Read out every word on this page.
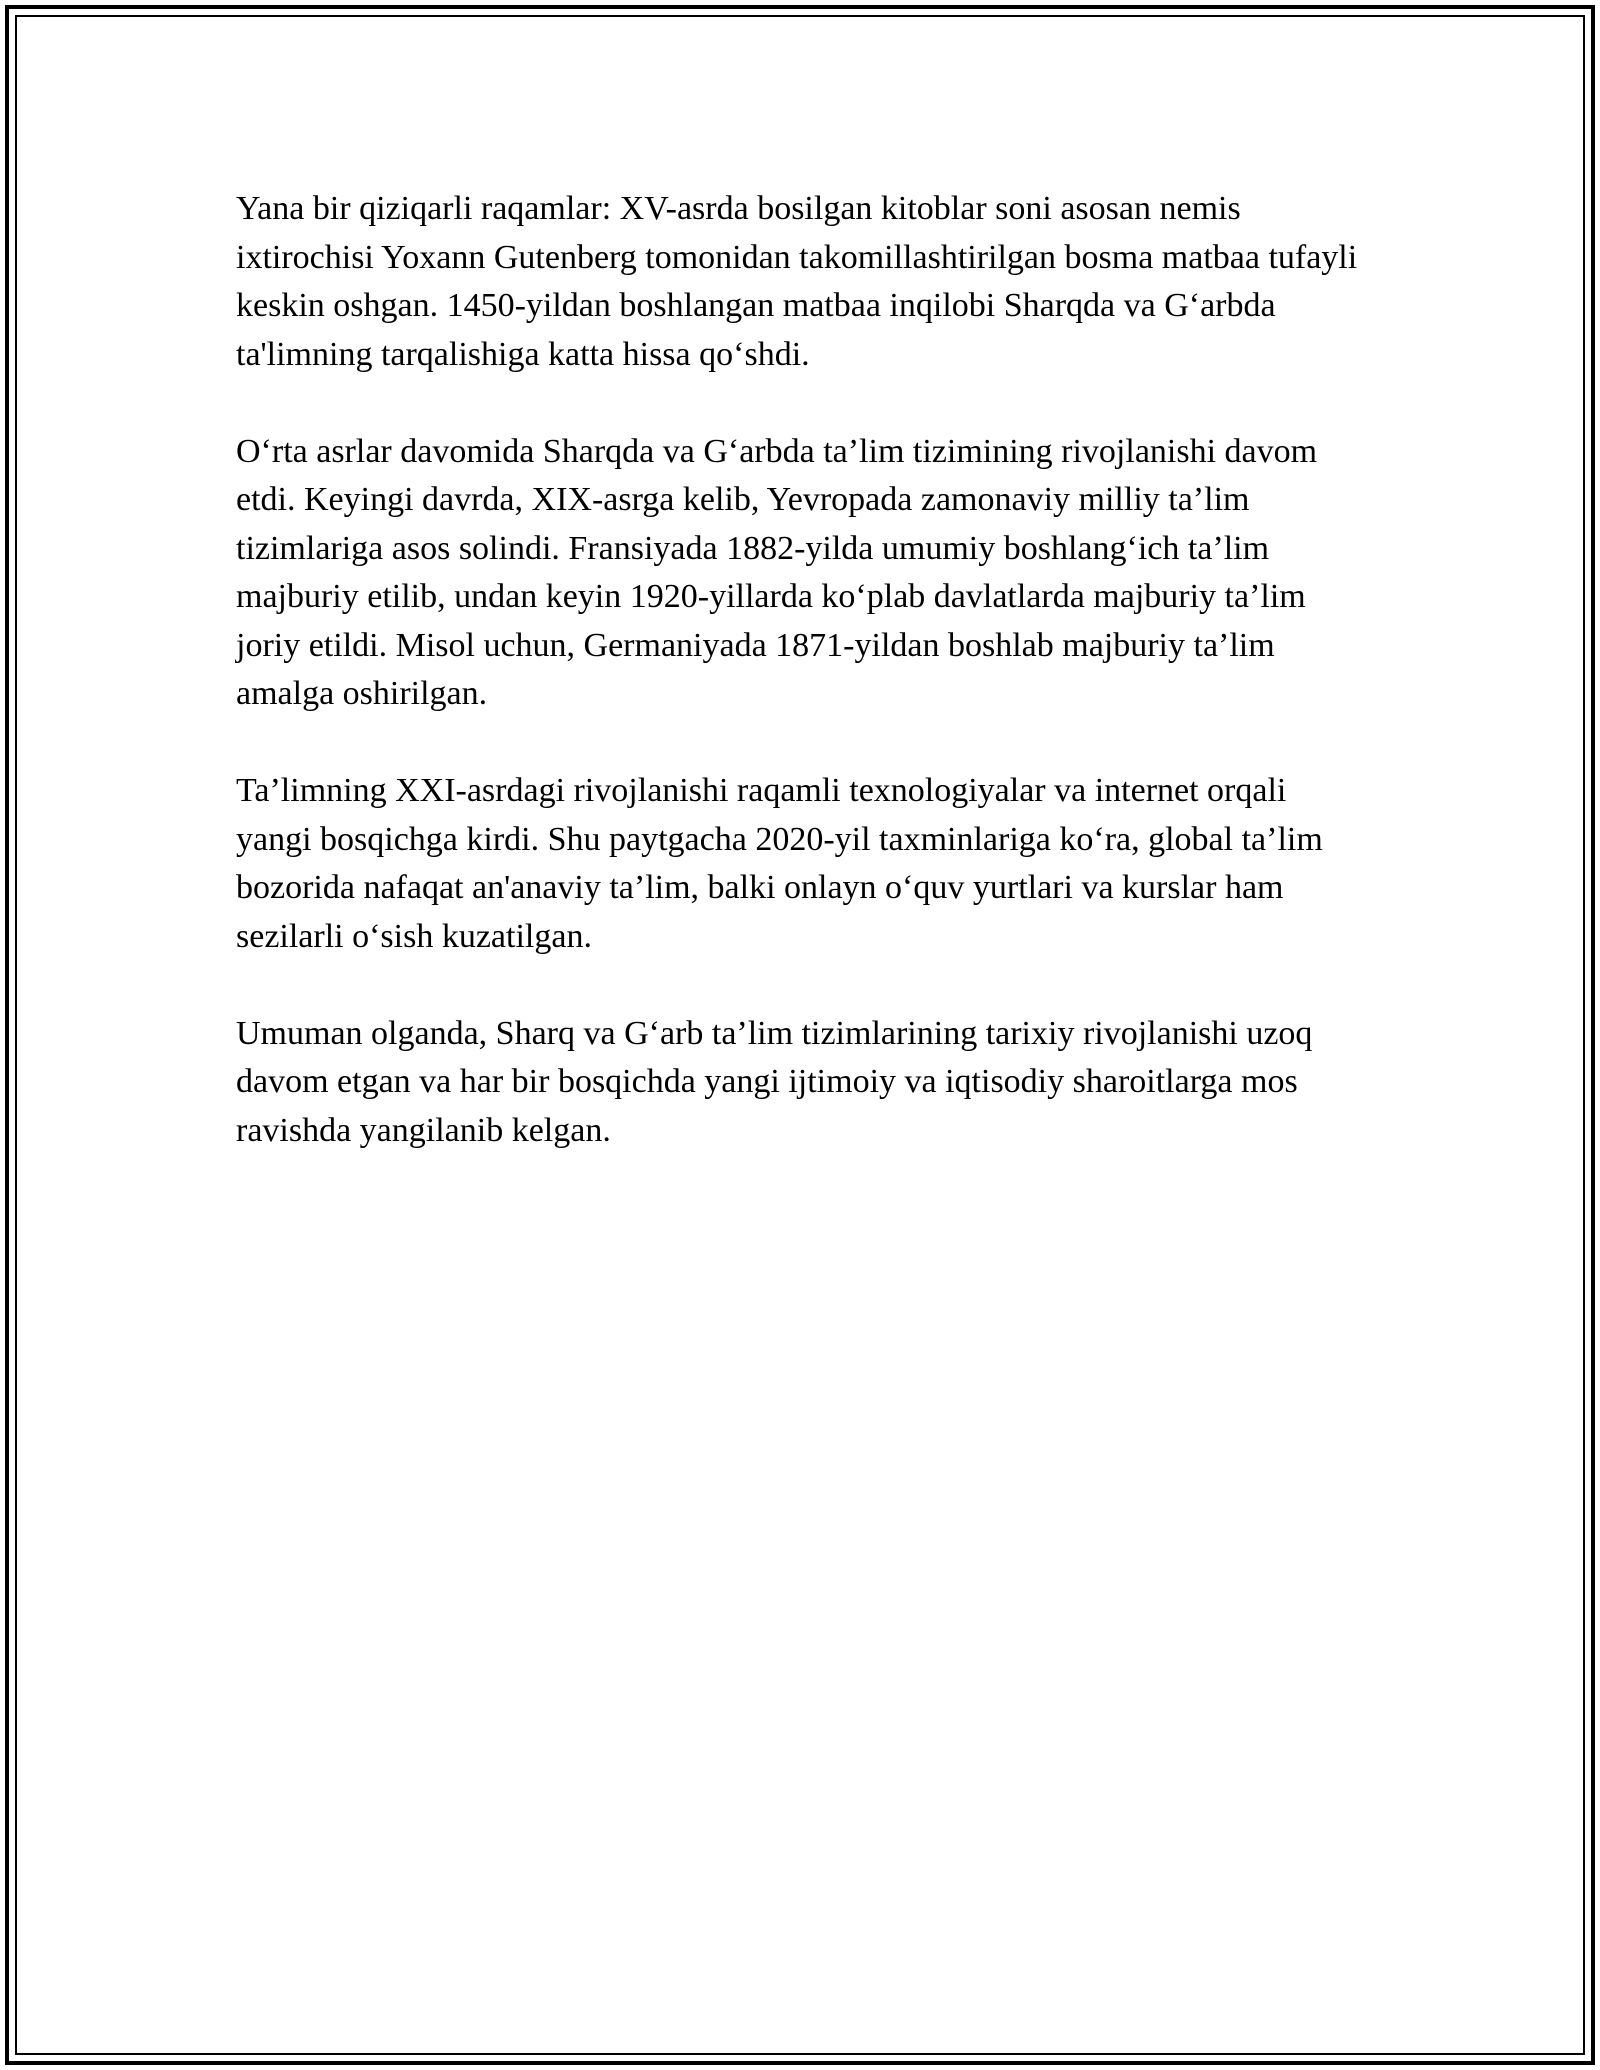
Yana bir qiziqarli raqamlar: XV-asrda bosilgan kitoblar soni asosan nemis ixtirochisi Yoxann Gutenberg tomonidan takomillashtirilgan bosma matbaa tufayli keskin oshgan. 1450-yildan boshlangan matbaa inqilobi Sharqda va G‘arbda ta'limning tarqalishiga katta hissa qo‘shdi.

O‘rta asrlar davomida Sharqda va G‘arbda ta’lim tizimining rivojlanishi davom etdi. Keyingi davrda, XIX-asrga kelib, Yevropada zamonaviy milliy ta’lim tizimlariga asos solindi. Fransiyada 1882-yilda umumiy boshlang‘ich ta’lim majburiy etilib, undan keyin 1920-yillarda ko‘plab davlatlarda majburiy ta’lim joriy etildi. Misol uchun, Germaniyada 1871-yildan boshlab majburiy ta’lim amalga oshirilgan.

Ta’limning XXI-asrdagi rivojlanishi raqamli texnologiyalar va internet orqali yangi bosqichga kirdi. Shu paytgacha 2020-yil taxminlariga ko‘ra, global ta’lim bozorida nafaqat an'anaviy ta’lim, balki onlayn o‘quv yurtlari va kurslar ham sezilarli o‘sish kuzatilgan.

Umuman olganda, Sharq va G‘arb ta’lim tizimlarining tarixiy rivojlanishi uzoq davom etgan va har bir bosqichda yangi ijtimoiy va iqtisodiy sharoitlarga mos ravishda yangilanib kelgan.
